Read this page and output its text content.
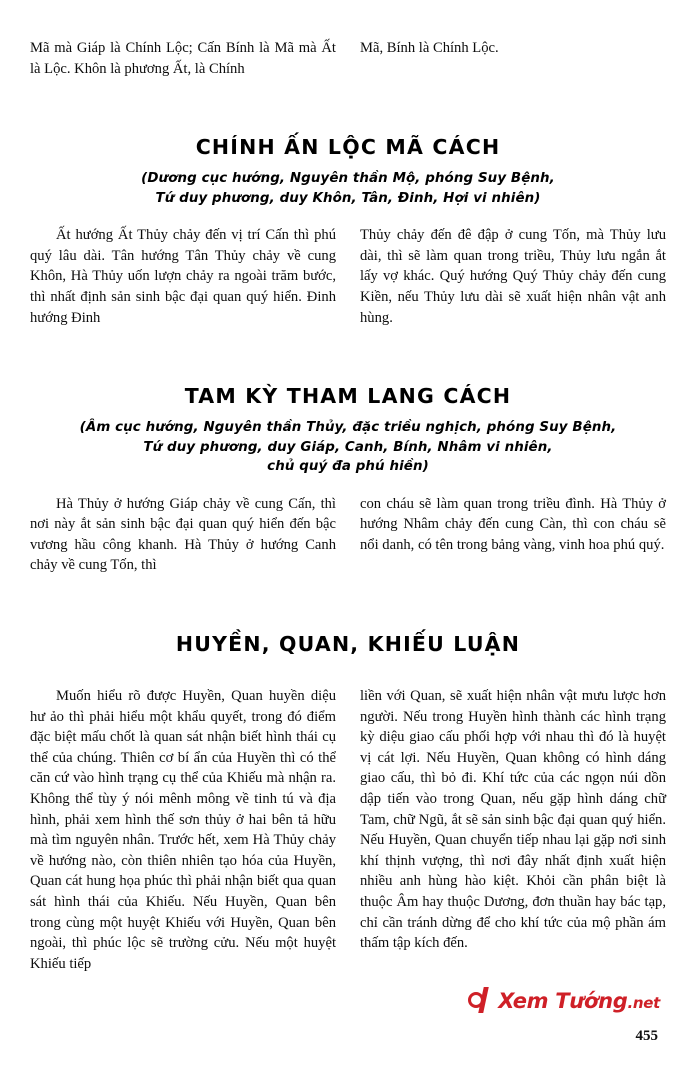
Mã mà Giáp là Chính Lộc; Cấn Bính là Mã mà Ất là Lộc. Khôn là phương Ất, là Chính

Mã, Bính là Chính Lộc.

CHÍNH ẤN LỘC MÃ CÁCH
(Dương cục hướng, Nguyên thần Mộ, phóng Suy Bệnh,
Tứ duy phương, duy Khôn, Tân, Đinh, Hợi vi nhiên)

Ất hướng Ất Thủy chảy đến vị trí Cấn thì phú quý lâu dài. Tân hướng Tân Thủy chảy về cung Khôn, Hà Thủy uốn lượn chảy ra ngoài trăm bước, thì nhất định sản sinh bậc đại quan quý hiển. Đinh hướng Đinh

Thủy chảy đến đê đập ở cung Tốn, mà Thủy lưu dài, thì sẽ làm quan trong triều, Thủy lưu ngắn ắt lấy vợ khác. Quý hướng Quý Thủy chảy đến cung Kiền, nếu Thủy lưu dài sẽ xuất hiện nhân vật anh hùng.

TAM KỲ THAM LANG CÁCH
(Âm cục hướng, Nguyên thần Thủy, đặc triều nghịch, phóng Suy Bệnh,
Tứ duy phương, duy Giáp, Canh, Bính, Nhâm vi nhiên,
chủ quý đa phú hiền)

Hà Thủy ở hướng Giáp chảy về cung Cấn, thì nơi này ắt sản sinh bậc đại quan quý hiển đến bậc vương hầu công khanh. Hà Thủy ở hướng Canh chảy về cung Tốn, thì

con cháu sẽ làm quan trong triều đình. Hà Thủy ở hướng Nhâm chảy đến cung Càn, thì con cháu sẽ nổi danh, có tên trong bảng vàng, vinh hoa phú quý.

HUYỀN, QUAN, KHIẾU LUẬN

Muốn hiểu rõ được Huyền, Quan huyền diệu hư ảo thì phải hiểu một khẩu quyết, trong đó điểm đặc biệt mấu chốt là quan sát nhận biết hình thái cụ thể của chúng. Thiên cơ bí ẩn của Huyền thì có thể căn cứ vào hình trạng cụ thể của Khiếu mà nhận ra. Không thể tùy ý nói mênh mông về tinh tú và địa hình, phải xem hình thế sơn thủy ở hai bên tả hữu mà tìm nguyên nhân. Trước hết, xem Hà Thủy chảy về hướng nào, còn thiên nhiên tạo hóa của Huyền, Quan cát hung họa phúc thì phải nhận biết qua quan sát hình thái của Khiếu. Nếu Huyền, Quan bên trong cùng một huyệt Khiếu với Huyền, Quan bên ngoài, thì phúc lộc sẽ trường cửu. Nếu một huyệt Khiếu tiếp

liền với Quan, sẽ xuất hiện nhân vật mưu lược hơn người. Nếu trong Huyền hình thành các hình trạng kỳ diệu giao cấu phối hợp với nhau thì đó là huyệt vị cát lợi. Nếu Huyền, Quan không có hình dáng giao cấu, thì bỏ đi. Khí tức của các ngọn núi dồn dập tiến vào trong Quan, nếu gặp hình dáng chữ Tam, chữ Ngũ, ắt sẽ sản sinh bậc đại quan quý hiển. Nếu Huyền, Quan chuyển tiếp nhau lại gặp nơi sinh khí thịnh vượng, thì nơi đây nhất định xuất hiện nhiều anh hùng hào kiệt. Khỏi cần phân biệt là thuộc Âm hay thuộc Dương, đơn thuần hay bác tạp, chỉ cần tránh dừng để cho khí tức của mộ phần ám thấm tập kích đến.

Xem Tướng.net
455
